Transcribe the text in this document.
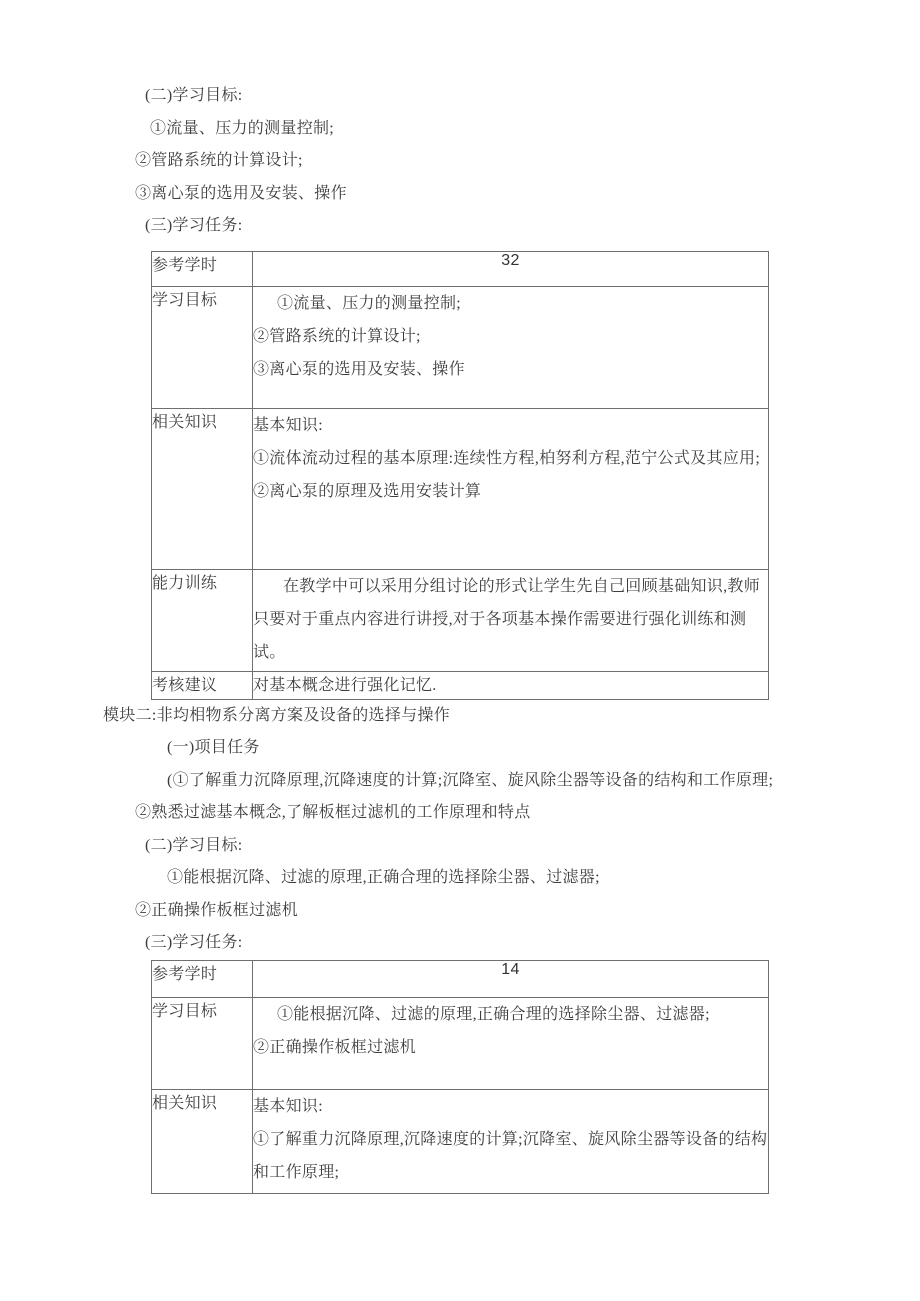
(二)学习目标:
①流量、压力的测量控制;
②管路系统的计算设计;
③离心泵的选用及安装、操作
(三)学习任务:
参考学时	32
学习目标	①流量、压力的测量控制;
②管路系统的计算设计;
③离心泵的选用及安装、操作

相关知识	基本知识:
①流体流动过程的基本原理:连续性方程,柏努利方程,范宁公式及其应用;
②离心泵的原理及选用安装计算

能力训练	在教学中可以采用分组讨论的形式让学生先自己回顾基础知识,教师只要对于重点内容进行讲授,对于各项基本操作需要进行强化训练和测试。

考核建议	对基本概念进行强化记忆.
模块二:非均相物系分离方案及设备的选择与操作
(一)项目任务
(①了解重力沉降原理,沉降速度的计算;沉降室、旋风除尘器等设备的结构和工作原理;
②熟悉过滤基本概念,了解板框过滤机的工作原理和特点
(二)学习目标:
①能根据沉降、过滤的原理,正确合理的选择除尘器、过滤器;
②正确操作板框过滤机
(三)学习任务:
参考学时	14
学习目标	①能根据沉降、过滤的原理,正确合理的选择除尘器、过滤器;
②正确操作板框过滤机

相关知识	基本知识:
①了解重力沉降原理,沉降速度的计算;沉降室、旋风除尘器等设备的结构和工作原理;
